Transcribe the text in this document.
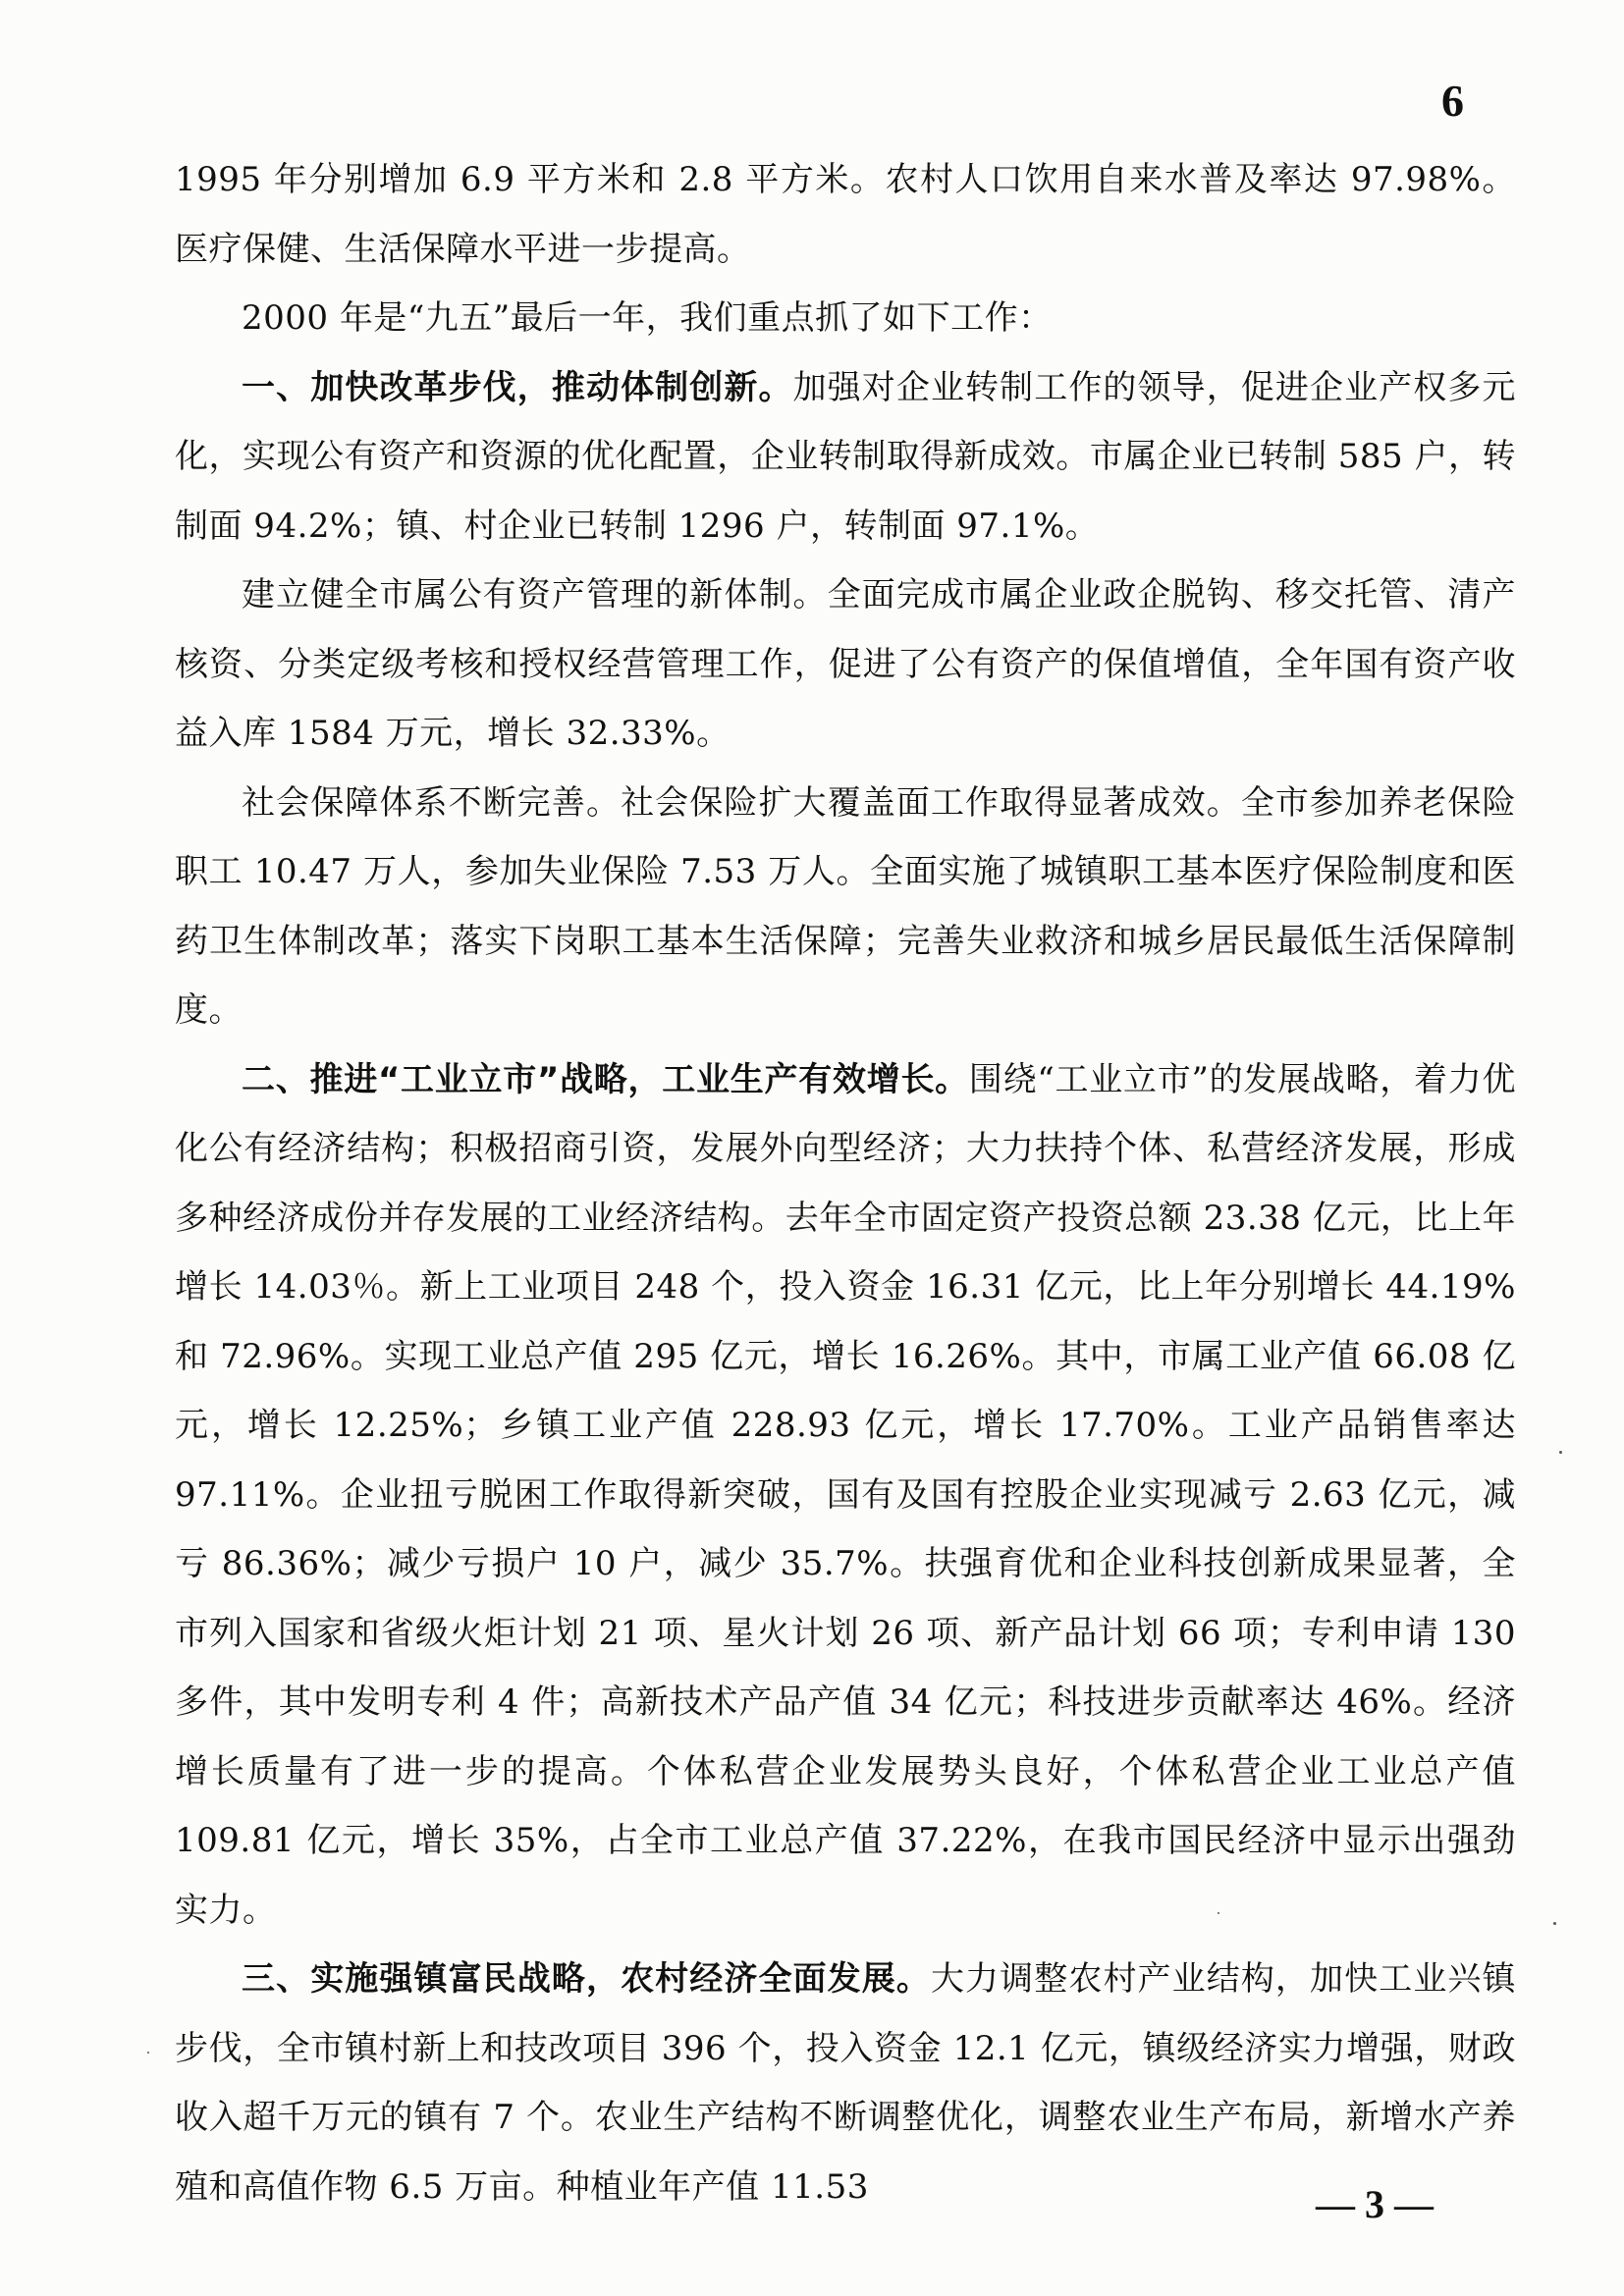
6

1995 年分别增加 6.9 平方米和 2.8 平方米。农村人口饮用自来水普及率达 97.98%。医疗保健、生活保障水平进一步提高。

2000 年是“九五”最后一年，我们重点抓了如下工作：

一、加快改革步伐，推动体制创新。加强对企业转制工作的领导，促进企业产权多元化，实现公有资产和资源的优化配置，企业转制取得新成效。市属企业已转制 585 户，转制面 94.2%；镇、村企业已转制 1296 户，转制面 97.1%。

建立健全市属公有资产管理的新体制。全面完成市属企业政企脱钩、移交托管、清产核资、分类定级考核和授权经营管理工作，促进了公有资产的保值增值，全年国有资产收益入库 1584 万元，增长 32.33%。

社会保障体系不断完善。社会保险扩大覆盖面工作取得显著成效。全市参加养老保险职工 10.47 万人，参加失业保险 7.53 万人。全面实施了城镇职工基本医疗保险制度和医药卫生体制改革；落实下岗职工基本生活保障；完善失业救济和城乡居民最低生活保障制度。

二、推进“工业立市”战略，工业生产有效增长。围绕“工业立市”的发展战略，着力优化公有经济结构；积极招商引资，发展外向型经济；大力扶持个体、私营经济发展，形成多种经济成份并存发展的工业经济结构。去年全市固定资产投资总额 23.38 亿元，比上年增长 14.03％。新上工业项目 248 个，投入资金 16.31 亿元，比上年分别增长 44.19%和 72.96%。实现工业总产值 295 亿元，增长 16.26%。其中，市属工业产值 66.08 亿元，增长 12.25%；乡镇工业产值 228.93 亿元，增长 17.70%。工业产品销售率达 97.11%。企业扭亏脱困工作取得新突破，国有及国有控股企业实现减亏 2.63 亿元，减亏 86.36%；减少亏损户 10 户，减少 35.7%。扶强育优和企业科技创新成果显著，全市列入国家和省级火炬计划 21 项、星火计划 26 项、新产品计划 66 项；专利申请 130 多件，其中发明专利 4 件；高新技术产品产值 34 亿元；科技进步贡献率达 46%。经济增长质量有了进一步的提高。个体私营企业发展势头良好，个体私营企业工业总产值 109.81 亿元，增长 35%，占全市工业总产值 37.22%，在我市国民经济中显示出强劲实力。

三、实施强镇富民战略，农村经济全面发展。大力调整农村产业结构，加快工业兴镇步伐，全市镇村新上和技改项目 396 个，投入资金 12.1 亿元，镇级经济实力增强，财政收入超千万元的镇有 7 个。农业生产结构不断调整优化，调整农业生产布局，新增水产养殖和高值作物 6.5 万亩。种植业年产值 11.53	— 3 —
